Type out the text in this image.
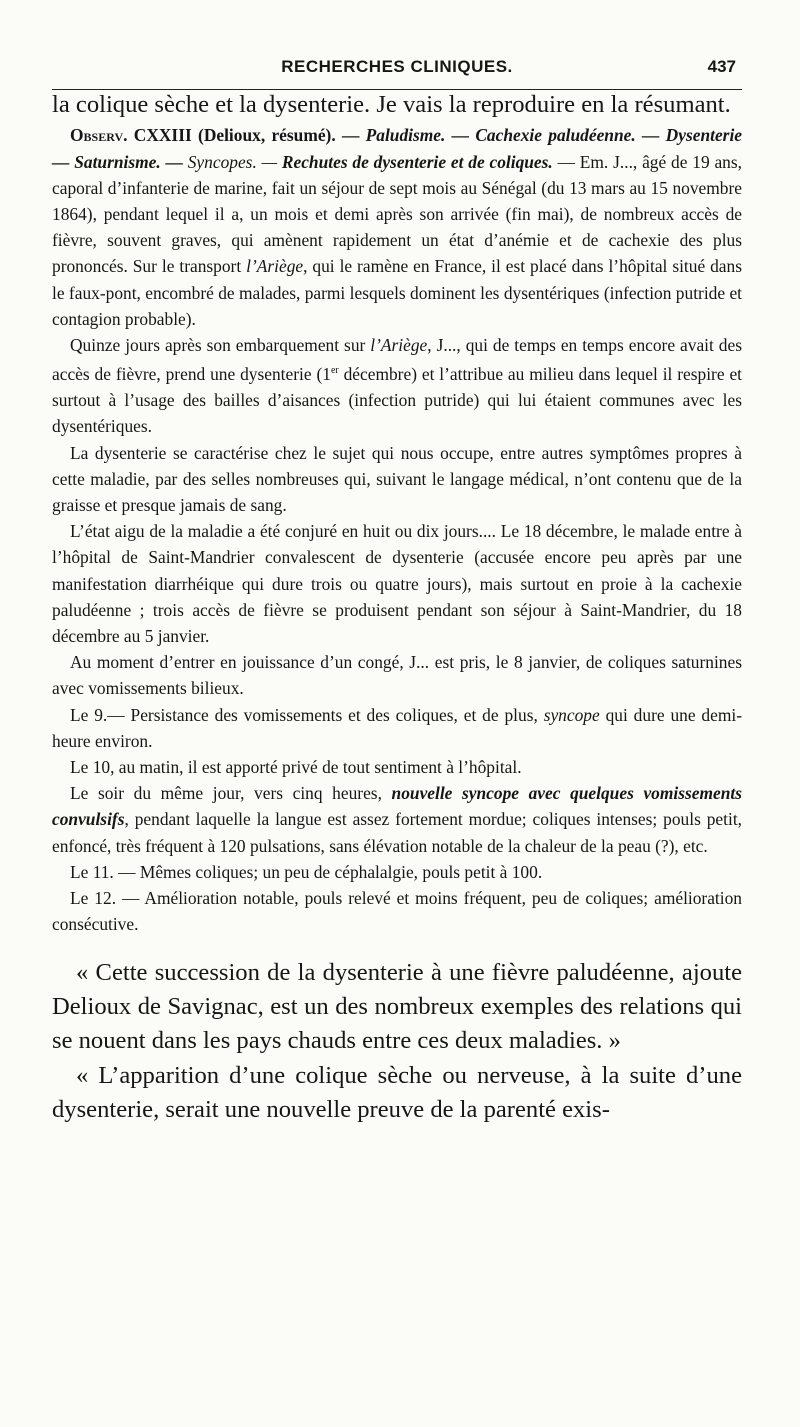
RECHERCHES CLINIQUES.	437

la colique sèche et la dysenterie. Je vais la reproduire en la résumant.

Observ. CXXIII (Delioux, résumé). — Paludisme. — Cachexie paludéenne. — Dysenterie — Saturnisme. — Syncopes. — Rechutes de dysenterie et de coliques. — Em. J..., âgé de 19 ans, caporal d’infanterie de marine, fait un séjour de sept mois au Sénégal (du 13 mars au 15 novembre 1864), pendant lequel il a, un mois et demi après son arrivée (fin mai), de nombreux accès de fièvre, souvent graves, qui amènent rapidement un état d’anémie et de cachexie des plus prononcés. Sur le transport l’Ariège, qui le ramène en France, il est placé dans l’hôpital situé dans le faux-pont, encombré de malades, parmi lesquels dominent les dysentériques (infection putride et contagion probable).

Quinze jours après son embarquement sur l’Ariège, J..., qui de temps en temps encore avait des accès de fièvre, prend une dysenterie (1er décembre) et l’attribue au milieu dans lequel il respire et surtout à l’usage des bailles d’aisances (infection putride) qui lui étaient communes avec les dysentériques.

La dysenterie se caractérise chez le sujet qui nous occupe, entre autres symptômes propres à cette maladie, par des selles nombreuses qui, suivant le langage médical, n’ont contenu que de la graisse et presque jamais de sang.

L’état aigu de la maladie a été conjuré en huit ou dix jours.... Le 18 décembre, le malade entre à l’hôpital de Saint-Mandrier convalescent de dysenterie (accusée encore peu après par une manifestation diarrhéique qui dure trois ou quatre jours), mais surtout en proie à la cachexie paludéenne ; trois accès de fièvre se produisent pendant son séjour à Saint-Mandrier, du 18 décembre au 5 janvier.

Au moment d’entrer en jouissance d’un congé, J... est pris, le 8 janvier, de coliques saturnines avec vomissements bilieux.

Le 9.— Persistance des vomissements et des coliques, et de plus, syncope qui dure une demi-heure environ.

Le 10, au matin, il est apporté privé de tout sentiment à l’hôpital.

Le soir du même jour, vers cinq heures, nouvelle syncope avec quelques vomissements convulsifs, pendant laquelle la langue est assez fortement mordue; coliques intenses; pouls petit, enfoncé, très fréquent à 120 pulsations, sans élévation notable de la chaleur de la peau (?), etc.

Le 11. — Mêmes coliques; un peu de céphalalgie, pouls petit à 100.

Le 12. — Amélioration notable, pouls relevé et moins fréquent, peu de coliques; amélioration consécutive.

« Cette succession de la dysenterie à une fièvre paludéenne, ajoute Delioux de Savignac, est un des nombreux exemples des relations qui se nouent dans les pays chauds entre ces deux maladies. »

« L’apparition d’une colique sèche ou nerveuse, à la suite d’une dysenterie, serait une nouvelle preuve de la parenté exis-
